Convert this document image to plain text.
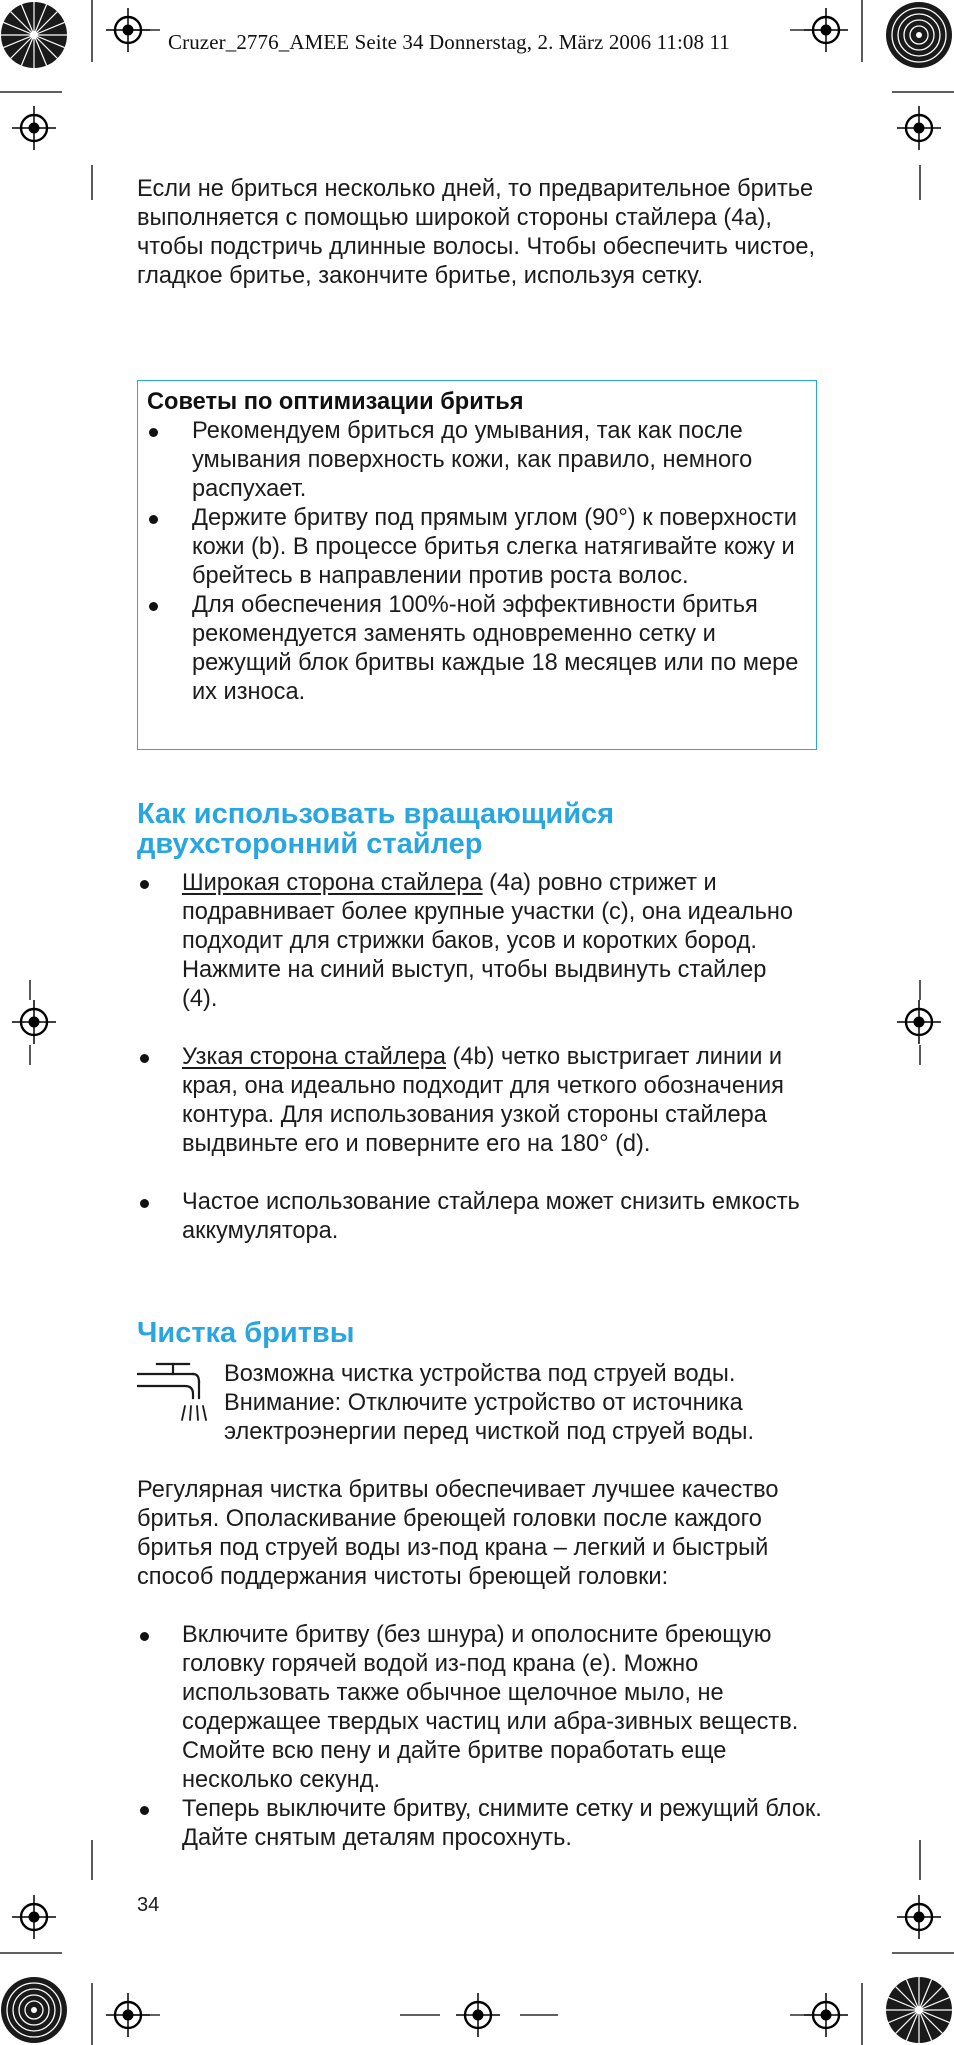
Cruzer_2776_AMEE Seite 34 Donnerstag, 2. März 2006 11:08 11
Если не бриться несколько дней, то предварительное бритье выполняется с помощью широкой стороны стайлера (4a), чтобы подстричь длинные волосы. Чтобы обеспечить чистое, гладкое бритье, закончите бритье, используя сетку.
Советы по оптимизации бритья
Рекомендуем бриться до умывания, так как после умывания поверхность кожи, как правило, немного распухает.
Держите бритву под прямым углом (90°) к поверхности кожи (b). В процессе бритья слегка натягивайте кожу и брейтесь в направлении против роста волос.
Для обеспечения 100%-ной эффективности бритья рекомендуется заменять одновременно сетку и режущий блок бритвы каждые 18 месяцев или по мере их износа.
Как использовать вращающийся
двухсторонний стайлер
Широкая сторона стайлера (4a) ровно стрижет и подравнивает более крупные участки (c), она идеально подходит для стрижки баков, усов и коротких бород. Нажмите на синий выступ, чтобы выдвинуть стайлер (4).
Узкая сторона стайлера (4b) четко выстригает линии и края, она идеально подходит для четкого обозначения контура. Для использования узкой стороны стайлера выдвиньте его и поверните его на 180° (d).
Частое использование стайлера может снизить емкость аккумулятора.
Чистка бритвы
Возможна чистка устройства под струей воды.
Внимание: Отключите устройство от источника
электроэнергии перед чисткой под струей воды.
Регулярная чистка бритвы обеспечивает лучшее качество бритья. Ополаскивание бреющей головки после каждого бритья под струей воды из-под крана – легкий и быстрый способ поддержания чистоты бреющей головки:
Включите бритву (без шнура) и ополосните бреющую головку горячей водой из-под крана (e). Можно использовать также обычное щелочное мыло, не содержащее твердых частиц или абра-зивных веществ. Смойте всю пену и дайте бритве поработать еще несколько секунд.
Теперь выключите бритву, снимите сетку и режущий блок. Дайте снятым деталям просохнуть.
34
